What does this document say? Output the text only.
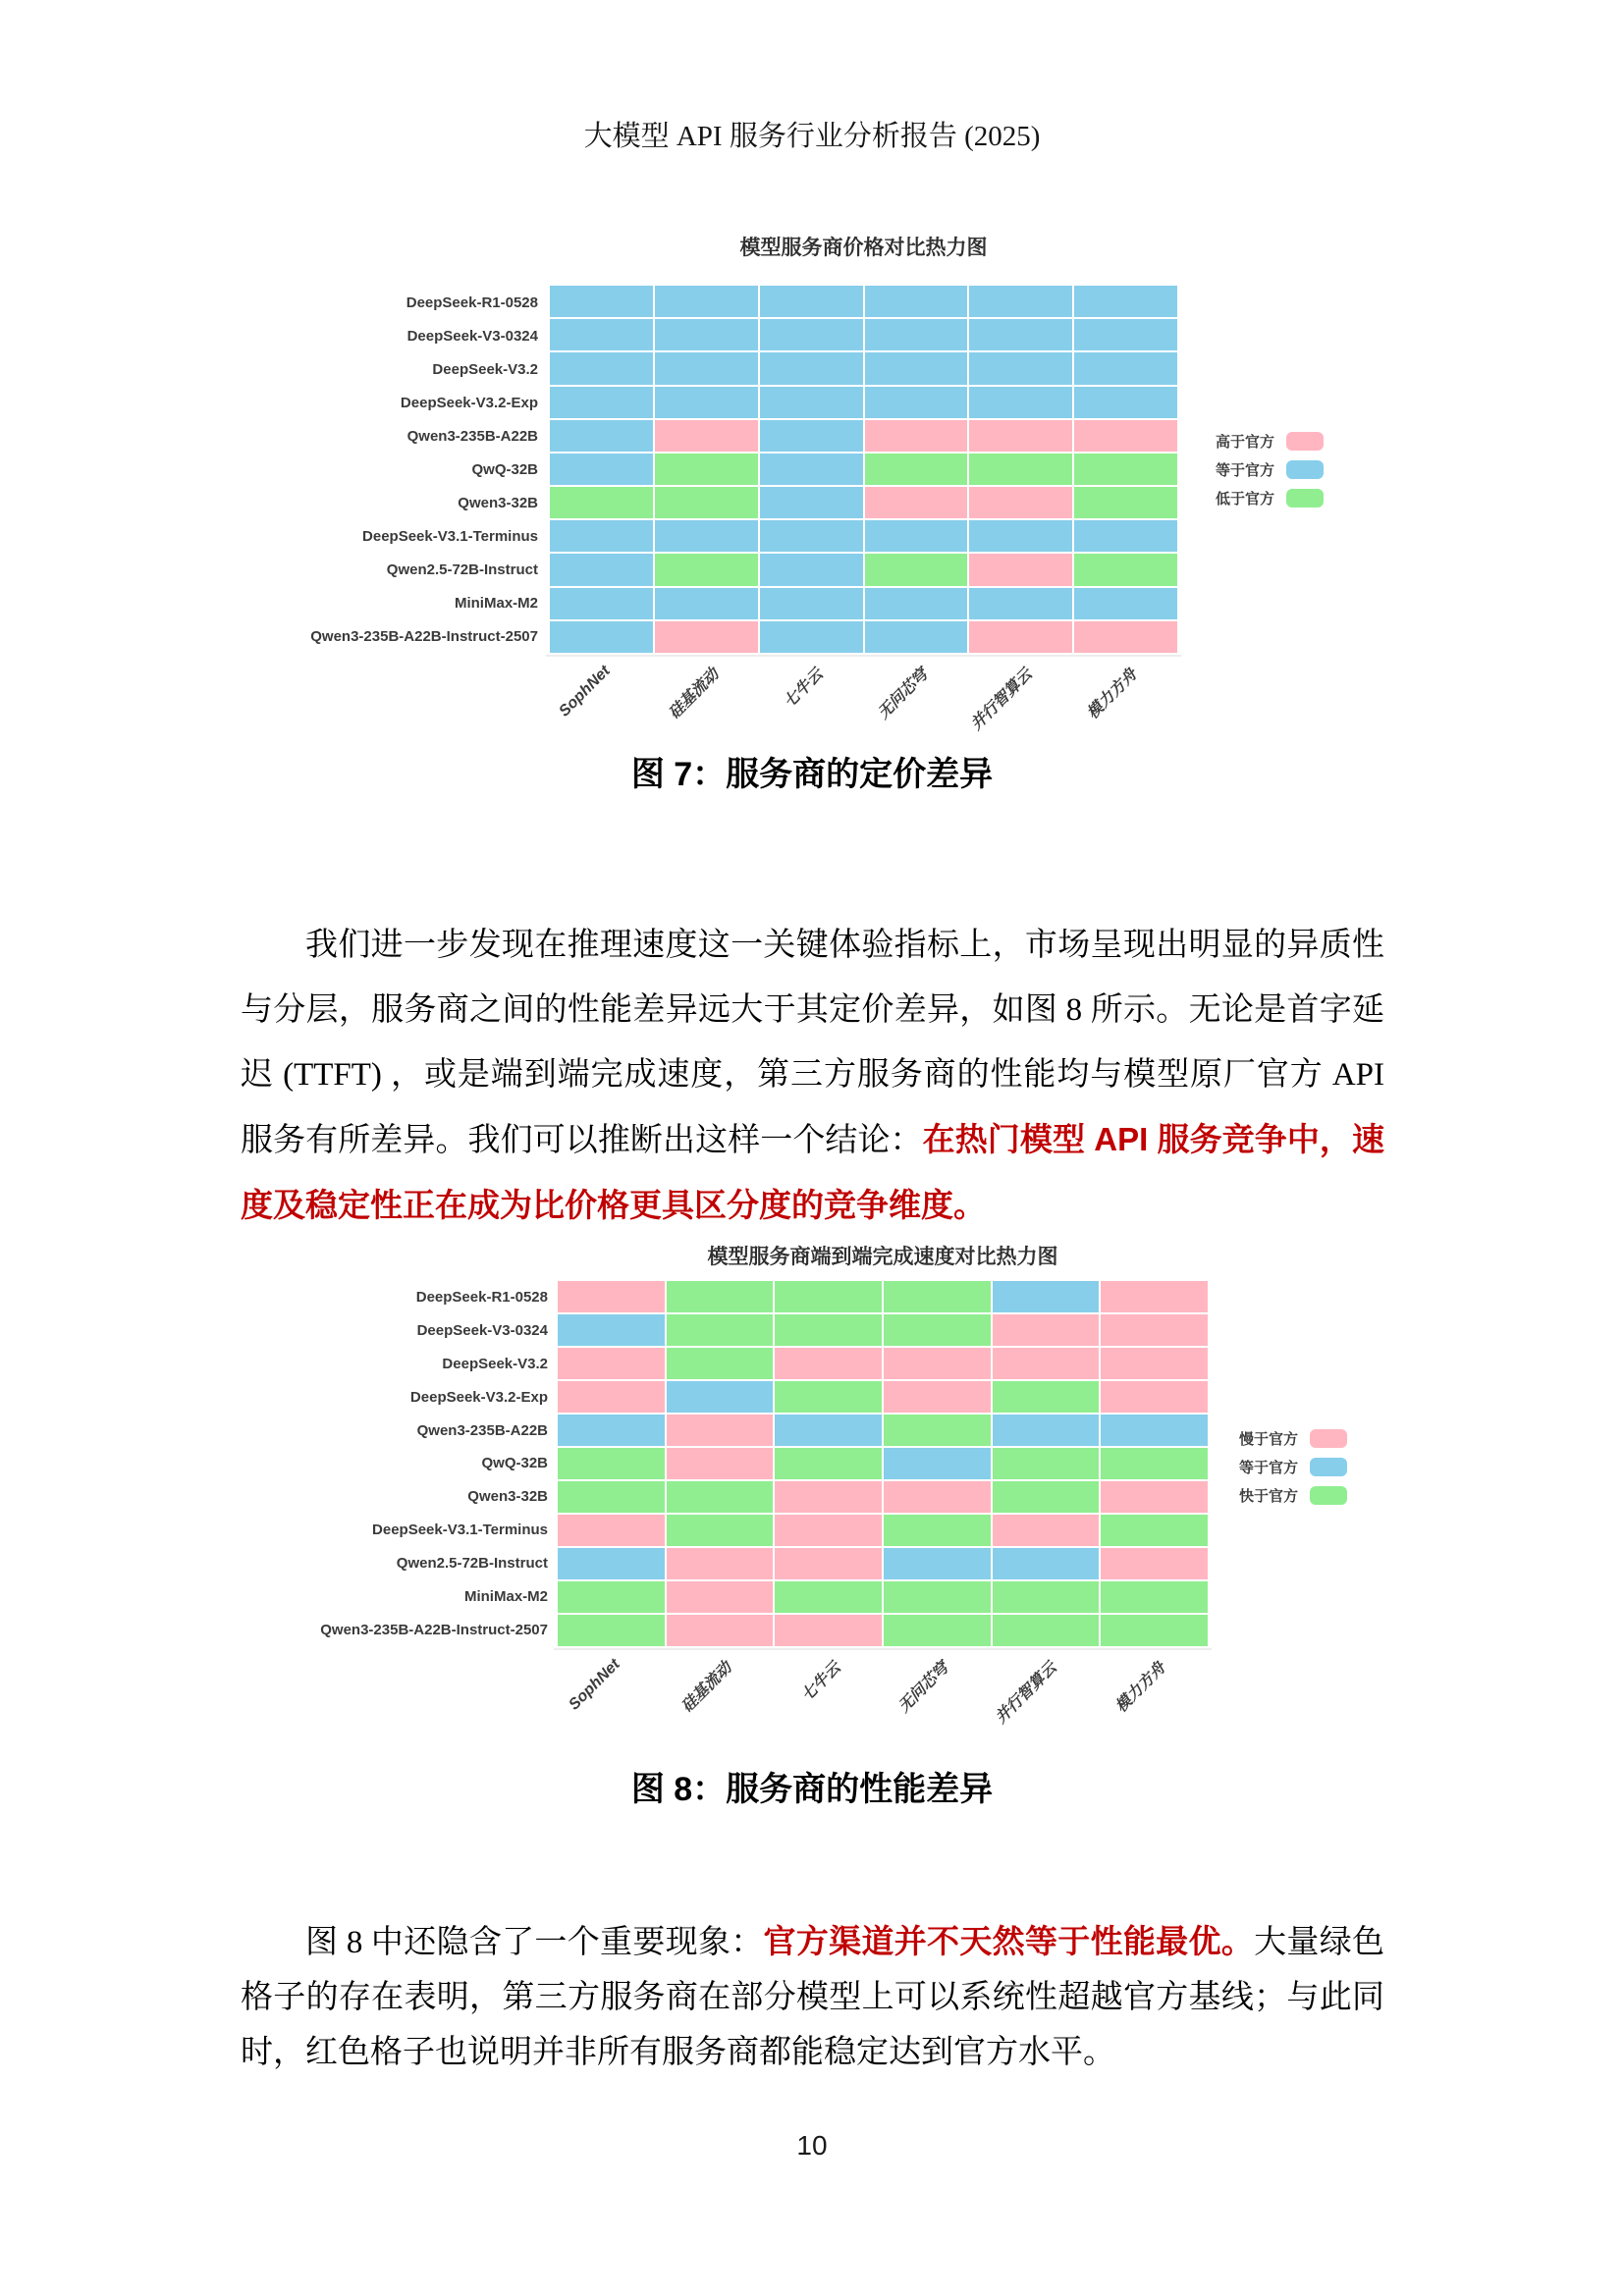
大模型 API 服务行业分析报告 (2025)
模型服务商价格对比热力图
DeepSeek-R1-0528
DeepSeek-V3-0324
DeepSeek-V3.2
DeepSeek-V3.2-Exp
Qwen3-235B-A22B
QwQ-32B
Qwen3-32B
DeepSeek-V3.1-Terminus
Qwen2.5-72B-Instruct
MiniMax-M2
Qwen3-235B-A22B-Instruct-2507
SophNet	硅基流动	七牛云	无问芯穹 并行智算云	模力方舟
高于官方
等于官方
低于官方
图 7：服务商的定价差异

我们进一步发现在推理速度这一关键体验指标上，市场呈现出明显的异质性与分层，服务商之间的性能差异远大于其定价差异，如图 8 所示。无论是首字延迟 (TTFT) ，或是端到端完成速度，第三方服务商的性能均与模型原厂官方 API 服务有所差异。我们可以推断出这样一个结论：在热门模型 API 服务竞争中，速度及稳定性正在成为比价格更具区分度的竞争维度。

模型服务商端到端完成速度对比热力图
DeepSeek-R1-0528
DeepSeek-V3-0324
DeepSeek-V3.2
DeepSeek-V3.2-Exp
Qwen3-235B-A22B
QwQ-32B
Qwen3-32B
DeepSeek-V3.1-Terminus
Qwen2.5-72B-Instruct
MiniMax-M2
Qwen3-235B-A22B-Instruct-2507
SophNet	硅基流动	七牛云	无问芯穹	并行智算云	模力方舟
慢于官方
等于官方
快于官方
图 8：服务商的性能差异

图 8 中还隐含了一个重要现象：官方渠道并不天然等于性能最优。大量绿色格子的存在表明，第三方服务商在部分模型上可以系统性超越官方基线；与此同时，红色格子也说明并非所有服务商都能稳定达到官方水平。

10
